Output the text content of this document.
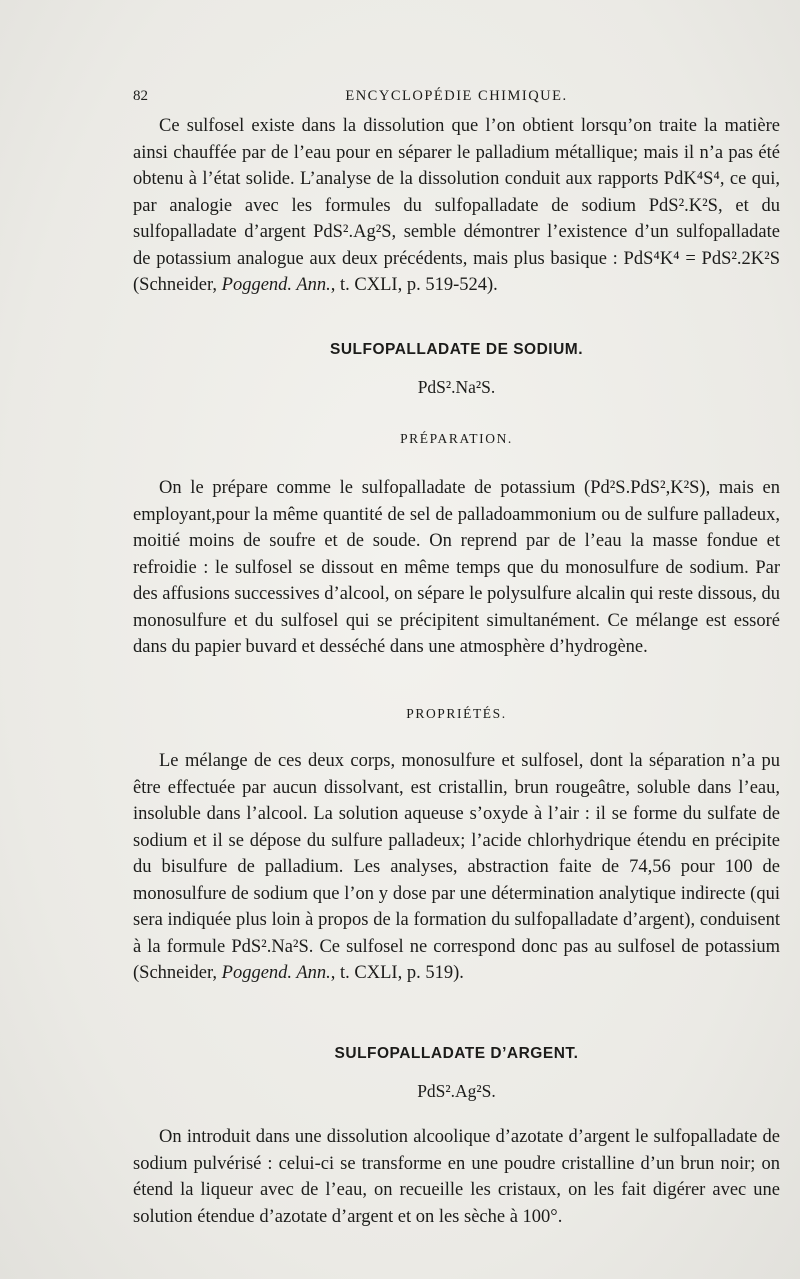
82	ENCYCLOPÉDIE CHIMIQUE.

Ce sulfosel existe dans la dissolution que l’on obtient lorsqu’on traite la matière ainsi chauffée par de l’eau pour en séparer le palladium métallique; mais il n’a pas été obtenu à l’état solide. L’analyse de la dissolution conduit aux rapports PdK⁴S⁴, ce qui, par analogie avec les formules du sulfopalladate de sodium PdS².K²S, et du sulfopalladate d’argent PdS².Ag²S, semble démontrer l’existence d’un sulfopalladate de potassium analogue aux deux précédents, mais plus basique : PdS⁴K⁴ = PdS².2K²S (Schneider, Poggend. Ann., t. CXLI, p. 519-524).

SULFOPALLADATE DE SODIUM.
PdS².Na²S.
PRÉPARATION.

On le prépare comme le sulfopalladate de potassium (Pd²S.PdS²,K²S), mais en employant,pour la même quantité de sel de palladoammonium ou de sulfure palladeux, moitié moins de soufre et de soude. On reprend par de l’eau la masse fondue et refroidie : le sulfosel se dissout en même temps que du monosulfure de sodium. Par des affusions successives d’alcool, on sépare le polysulfure alcalin qui reste dissous, du monosulfure et du sulfosel qui se précipitent simultanément. Ce mélange est essoré dans du papier buvard et desséché dans une atmosphère d’hydrogène.

PROPRIÉTÉS.

Le mélange de ces deux corps, monosulfure et sulfosel, dont la séparation n’a pu être effectuée par aucun dissolvant, est cristallin, brun rougeâtre, soluble dans l’eau, insoluble dans l’alcool. La solution aqueuse s’oxyde à l’air : il se forme du sulfate de sodium et il se dépose du sulfure palladeux; l’acide chlorhydrique étendu en précipite du bisulfure de palladium. Les analyses, abstraction faite de 74,56 pour 100 de monosulfure de sodium que l’on y dose par une détermination analytique indirecte (qui sera indiquée plus loin à propos de la formation du sulfopalladate d’argent), conduisent à la formule PdS².Na²S. Ce sulfosel ne correspond donc pas au sulfosel de potassium (Schneider, Poggend. Ann., t. CXLI, p. 519).

SULFOPALLADATE D’ARGENT.
PdS².Ag²S.

On introduit dans une dissolution alcoolique d’azotate d’argent le sulfopalladate de sodium pulvérisé : celui-ci se transforme en une poudre cristalline d’un brun noir; on étend la liqueur avec de l’eau, on recueille les cristaux, on les fait digérer avec une solution étendue d’azotate d’argent et on les sèche à 100°.
